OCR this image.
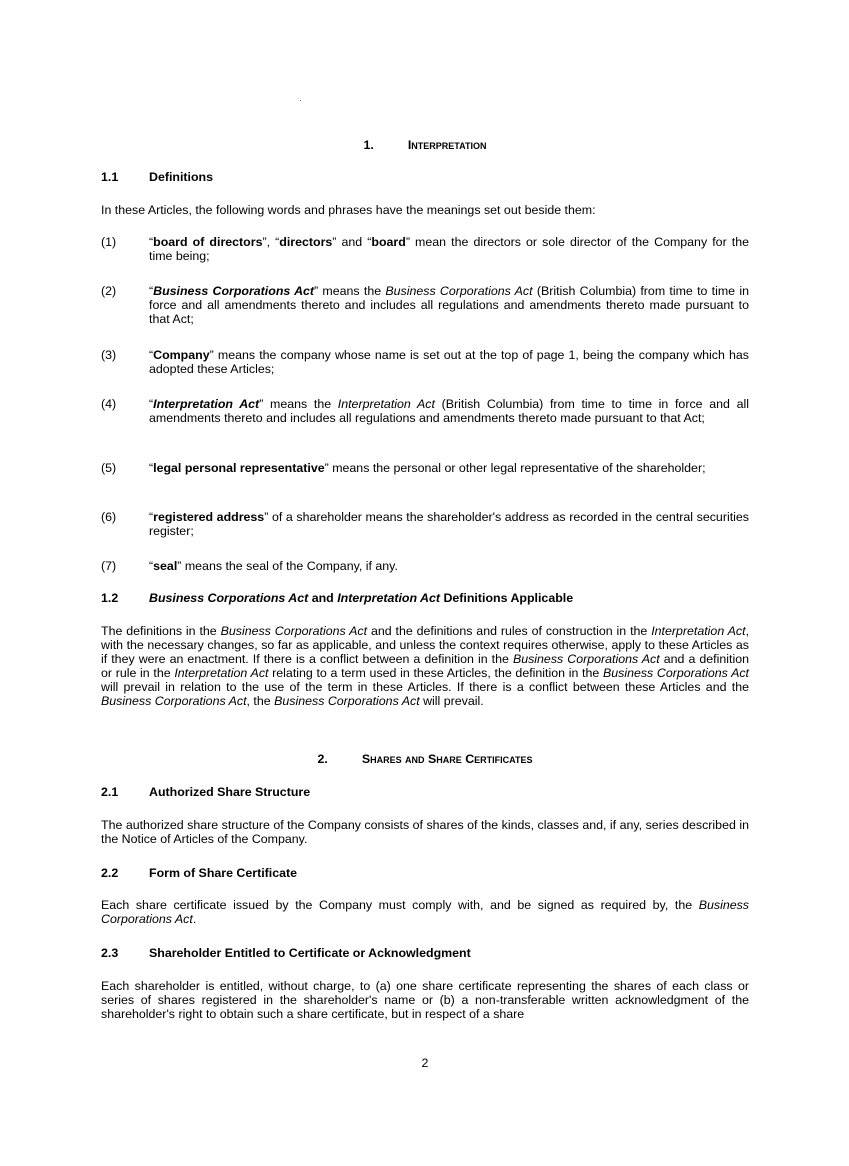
1.	Interpretation
1.1 Definitions
In these Articles, the following words and phrases have the meanings set out beside them:
(1)	“board of directors”, “directors” and “board” mean the directors or sole director of the Company for the time being;
(2)	“Business Corporations Act” means the Business Corporations Act (British Columbia) from time to time in force and all amendments thereto and includes all regulations and amendments thereto made pursuant to that Act;
(3)	“Company” means the company whose name is set out at the top of page 1, being the company which has adopted these Articles;
(4)	“Interpretation Act” means the Interpretation Act (British Columbia) from time to time in force and all amendments thereto and includes all regulations and amendments thereto made pursuant to that Act;
(5)	“legal personal representative” means the personal or other legal representative of the shareholder;
(6)	“registered address” of a shareholder means the shareholder's address as recorded in the central securities register;
(7)	“seal” means the seal of the Company, if any.
1.2 Business Corporations Act and Interpretation Act Definitions Applicable
The definitions in the Business Corporations Act and the definitions and rules of construction in the Interpretation Act, with the necessary changes, so far as applicable, and unless the context requires otherwise, apply to these Articles as if they were an enactment. If there is a conflict between a definition in the Business Corporations Act and a definition or rule in the Interpretation Act relating to a term used in these Articles, the definition in the Business Corporations Act will prevail in relation to the use of the term in these Articles. If there is a conflict between these Articles and the Business Corporations Act, the Business Corporations Act will prevail.
2.	Shares and Share Certificates
2.1 Authorized Share Structure
The authorized share structure of the Company consists of shares of the kinds, classes and, if any, series described in the Notice of Articles of the Company.
2.2 Form of Share Certificate
Each share certificate issued by the Company must comply with, and be signed as required by, the Business Corporations Act.
2.3 Shareholder Entitled to Certificate or Acknowledgment
Each shareholder is entitled, without charge, to (a) one share certificate representing the shares of each class or series of shares registered in the shareholder's name or (b) a non-transferable written acknowledgment of the shareholder's right to obtain such a share certificate, but in respect of a share
2
